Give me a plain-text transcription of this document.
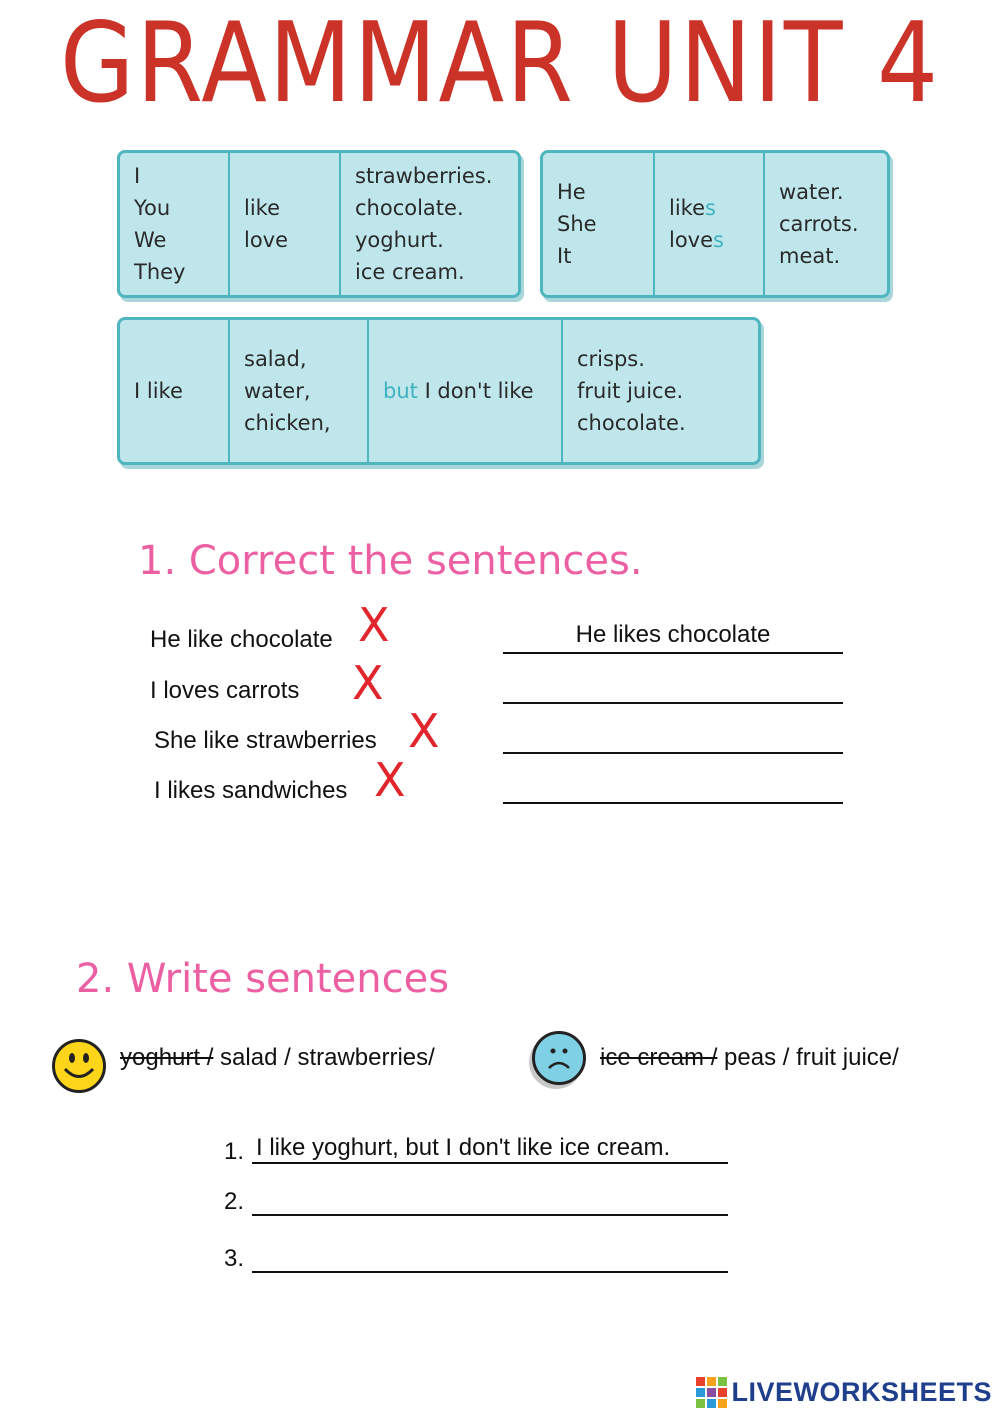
GRAMMAR UNIT 4
I
You
We
They
like
love
strawberries.
chocolate.
yoghurt.
ice cream.
He
She
It
likes
loves
water.
carrots.
meat.
I like
salad,
water,
chicken,
but I don't like
crisps.
fruit juice.
chocolate.
1. Correct the sentences.
He like chocolate X	He likes chocolate
I loves carrots X
She like strawberries X
I likes sandwiches X
2. Write sentences
yoghurt / salad / strawberries/	ice cream / peas / fruit juice/
1. I like yoghurt, but I don't like ice cream.
2.
3.
LIVEWORKSHEETS
